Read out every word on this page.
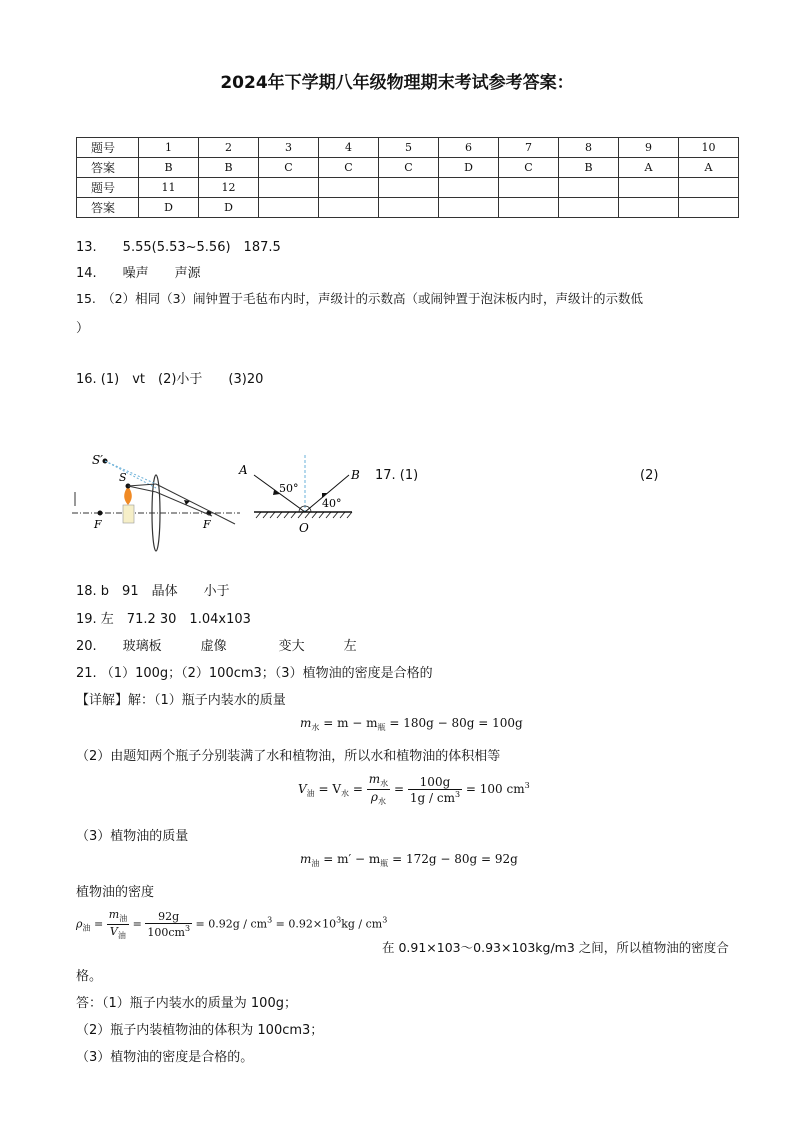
2024年下学期八年级物理期末考试参考答案：
题号	1	2	3	4	5	6	7	8	9	10
答案	B	B	C	C	C	D	C	B	A	A
题号	11	12								
答案	D	D								
13.　　5.55(5.53~5.56)　187.5
14.　　噪声　　声源
15.　（2）相同（3）闹钟置于毛毡布内时，声级计的示数高（或闹钟置于泡沫板内时，声级计的示数低
）
16. (1)　vt　(2)小于　　(3)20
S′
S
F	F
A	B
O
50°
40°
17. (1)	(2)
18. b　91　晶体　　小于
19. 左　71.2 30　1.04x103
20.　　玻璃板　　　虚像　　　　变大　　　左
21. （1）100g；（2）100cm3；（3）植物油的密度是合格的
【详解】解：（1）瓶子内装水的质量
$m_水 = m - m_瓶 = 180g - 80g = 100g$
（2）由题知两个瓶子分别装满了水和植物油，所以水和植物油的体积相等
$V_油 = V_水 = \frac{m_水}{\rho_水} = \frac{100g}{1g / cm^3} = 100$ $cm^3$
（3）植物油的质量
$m_油 = m' - m_瓶 = 172g - 80g = 92g$
植物油的密度
$\rho_油 = \frac{m_油}{V_油} = \frac{92g}{100cm^3} = 0.92g / cm^3 = 0.92\times 10^3kg / cm^3$
在 0.91×103～0.93×103kg/m3 之间，所以植物油的密度合
格。
答：（1）瓶子内装水的质量为 100g；
（2）瓶子内装植物油的体积为 100cm3；
（3）植物油的密度是合格的。
